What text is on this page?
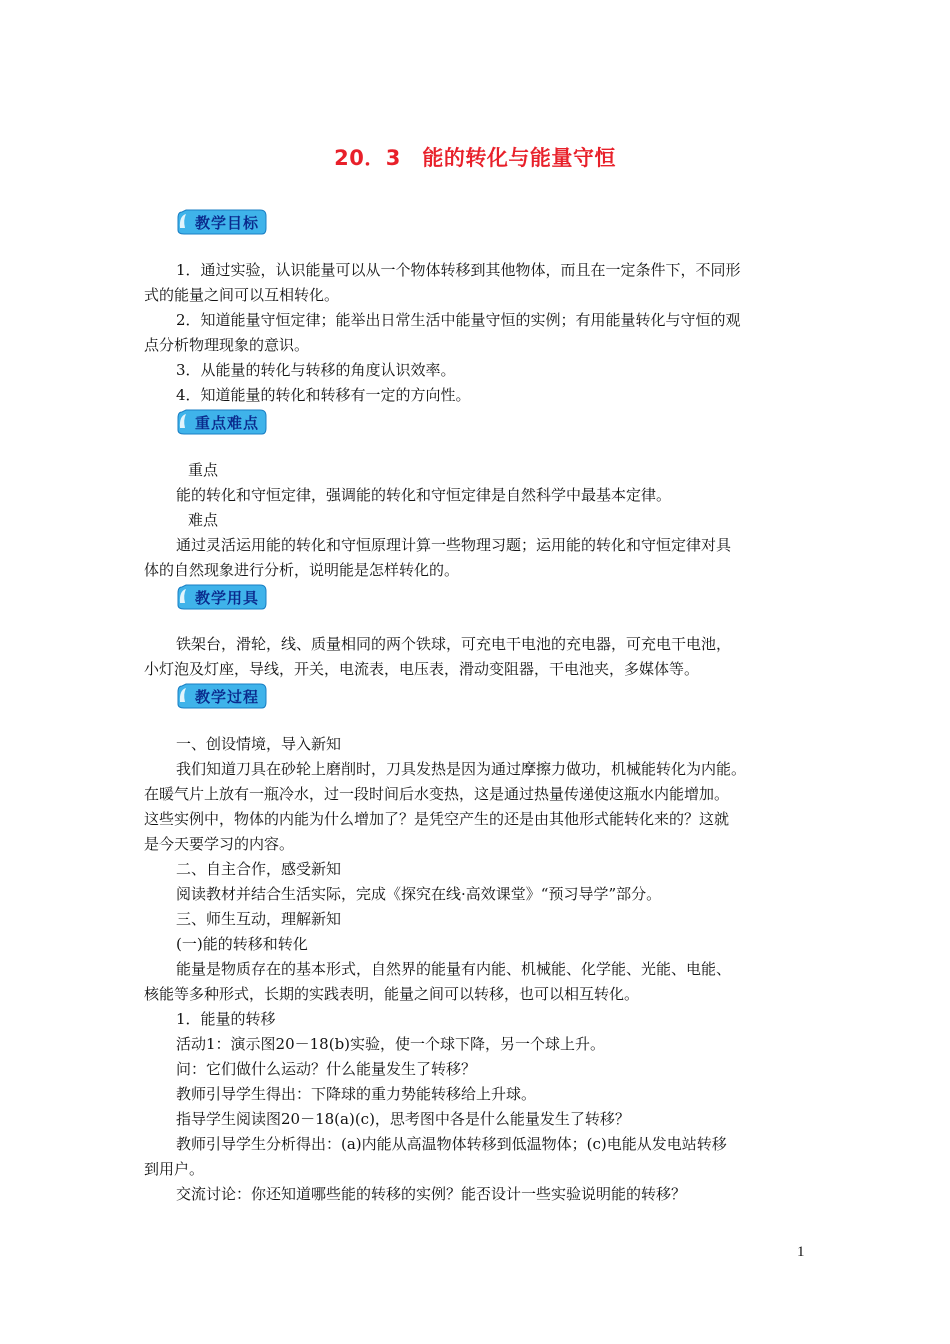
20．3　能的转化与能量守恒
教学目标
1．通过实验，认识能量可以从一个物体转移到其他物体，而且在一定条件下，不同形
式的能量之间可以互相转化。
2．知道能量守恒定律；能举出日常生活中能量守恒的实例；有用能量转化与守恒的观
点分析物理现象的意识。
3．从能量的转化与转移的角度认识效率。
4．知道能量的转化和转移有一定的方向性。
重点难点
重点
能的转化和守恒定律，强调能的转化和守恒定律是自然科学中最基本定律。
难点
通过灵活运用能的转化和守恒原理计算一些物理习题；运用能的转化和守恒定律对具
体的自然现象进行分析，说明能是怎样转化的。
教学用具
铁架台，滑轮，线、质量相同的两个铁球，可充电干电池的充电器，可充电干电池，
小灯泡及灯座，导线，开关，电流表，电压表，滑动变阻器，干电池夹，多媒体等。
教学过程
一、创设情境，导入新知
我们知道刀具在砂轮上磨削时，刀具发热是因为通过摩擦力做功，机械能转化为内能。
在暖气片上放有一瓶冷水，过一段时间后水变热，这是通过热量传递使这瓶水内能增加。
这些实例中，物体的内能为什么增加了？是凭空产生的还是由其他形式能转化来的？这就
是今天要学习的内容。
二、自主合作，感受新知
阅读教材并结合生活实际，完成《探究在线·高效课堂》“预习导学”部分。
三、师生互动，理解新知
(一)能的转移和转化
能量是物质存在的基本形式，自然界的能量有内能、机械能、化学能、光能、电能、
核能等多种形式，长期的实践表明，能量之间可以转移，也可以相互转化。
1．能量的转移
活动1：演示图20－18(b)实验，使一个球下降，另一个球上升。
问：它们做什么运动？什么能量发生了转移？
教师引导学生得出：下降球的重力势能转移给上升球。
指导学生阅读图20－18(a)(c)，思考图中各是什么能量发生了转移？
教师引导学生分析得出：(a)内能从高温物体转移到低温物体；(c)电能从发电站转移
到用户。
交流讨论：你还知道哪些能的转移的实例？能否设计一些实验说明能的转移？
1
